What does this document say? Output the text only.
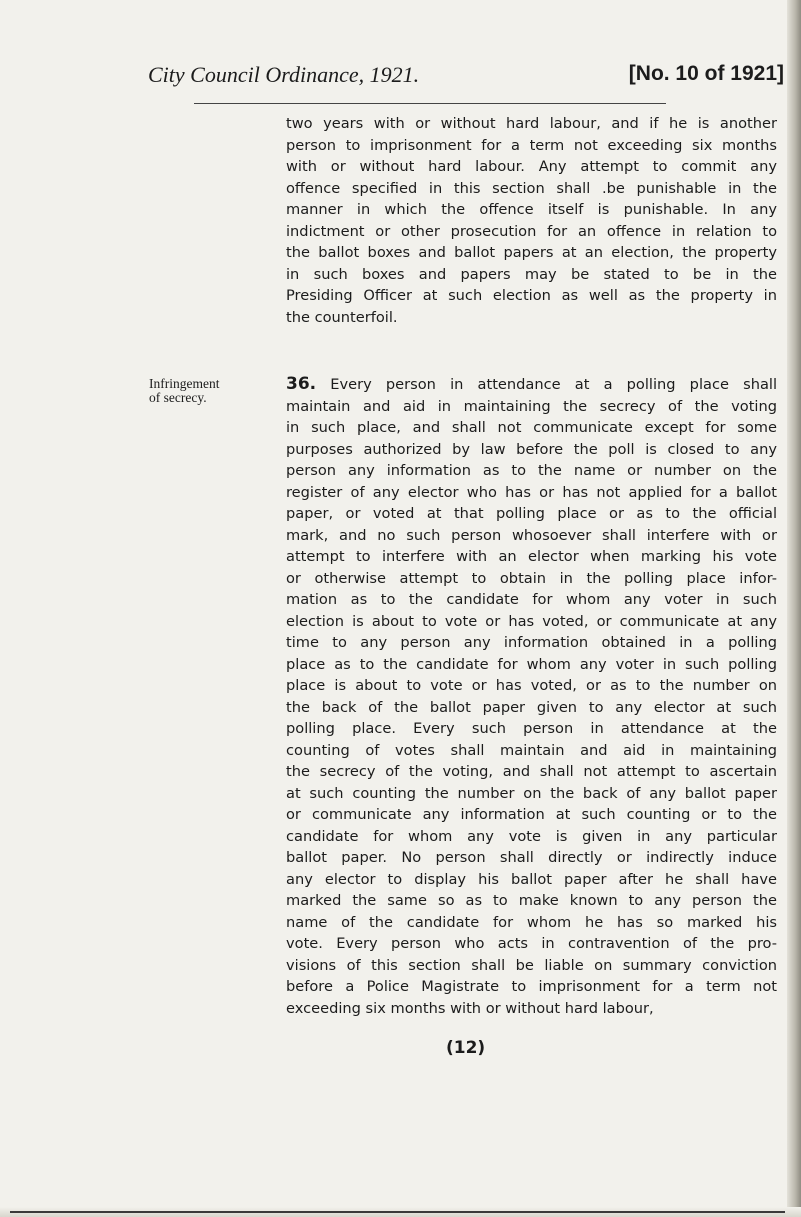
City Council Ordinance, 1921.	[No. 10 of 1921]

two years with or without hard labour, and if he is another
person to imprisonment for a term not exceeding six months
with or without hard labour. Any attempt to commit any
offence specified in this section shall .be punishable in the
manner in which the offence itself is punishable. In any
indictment or other prosecution for an offence in relation to
the ballot boxes and ballot papers at an election, the property
in such boxes and papers may be stated to be in the
Presiding Officer at such election as well as the property in
the counterfoil.

Infringement
of secrecy.

36. Every person in attendance at a polling place shall
maintain and aid in maintaining the secrecy of the voting
in such place, and shall not communicate except for some
purposes authorized by law before the poll is closed to any
person any information as to the name or number on the
register of any elector who has or has not applied for a ballot
paper, or voted at that polling place or as to the official
mark, and no such person whosoever shall interfere with or
attempt to interfere with an elector when marking his vote
or otherwise attempt to obtain in the polling place infor-
mation as to the candidate for whom any voter in such
election is about to vote or has voted, or communicate at any
time to any person any information obtained in a polling
place as to the candidate for whom any voter in such polling
place is about to vote or has voted, or as to the number on
the back of the ballot paper given to any elector at such
polling place. Every such person in attendance at the
counting of votes shall maintain and aid in maintaining
the secrecy of the voting, and shall not attempt to ascertain
at such counting the number on the back of any ballot paper
or communicate any information at such counting or to the
candidate for whom any vote is given in any particular
ballot paper. No person shall directly or indirectly induce
any elector to display his ballot paper after he shall have
marked the same so as to make known to any person the
name of the candidate for whom he has so marked his
vote. Every person who acts in contravention of the pro-
visions of this section shall be liable on summary conviction
before a Police Magistrate to imprisonment for a term not
exceeding six months with or without hard labour,

(12)
